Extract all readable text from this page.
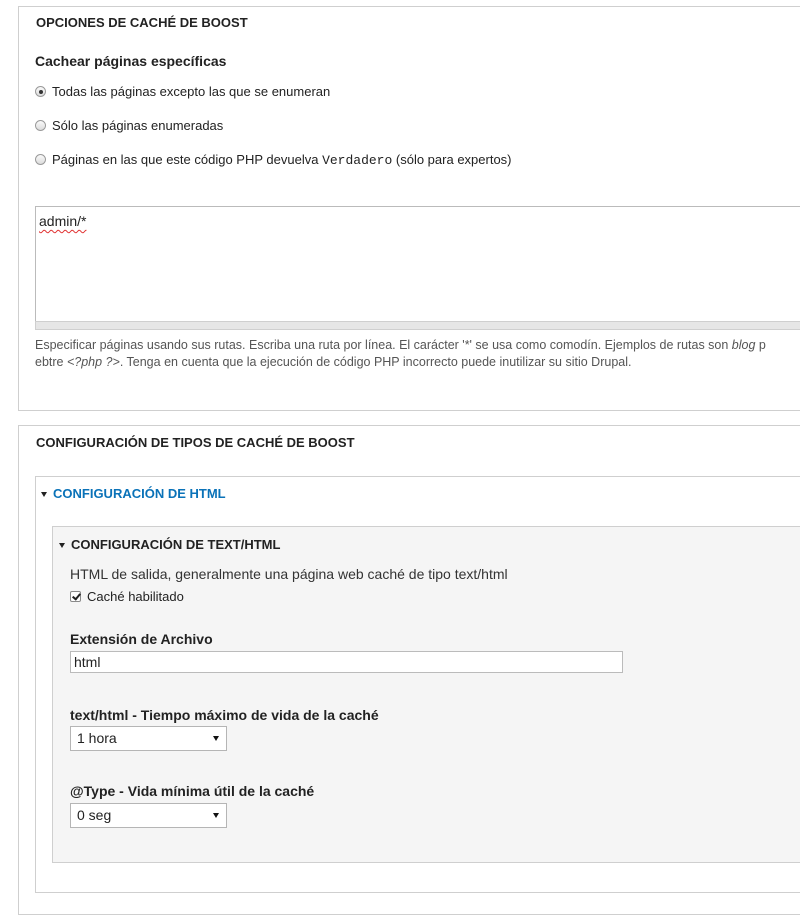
OPCIONES DE CACHÉ DE BOOST
Cachear páginas específicas
Todas las páginas excepto las que se enumeran
Sólo las páginas enumeradas
Páginas en las que este código PHP devuelva Verdadero (sólo para expertos)
admin/*
Especificar páginas usando sus rutas. Escriba una ruta por línea. El carácter '*' se usa como comodín. Ejemplos de rutas son blog p
ebtre <?php ?>. Tenga en cuenta que la ejecución de código PHP incorrecto puede inutilizar su sitio Drupal.
CONFIGURACIÓN DE TIPOS DE CACHÉ DE BOOST
CONFIGURACIÓN DE HTML
CONFIGURACIÓN DE TEXT/HTML
HTML de salida, generalmente una página web caché de tipo text/html
Caché habilitado
Extensión de Archivo
html
text/html - Tiempo máximo de vida de la caché
1 hora
@Type - Vida mínima útil de la caché
0 seg
